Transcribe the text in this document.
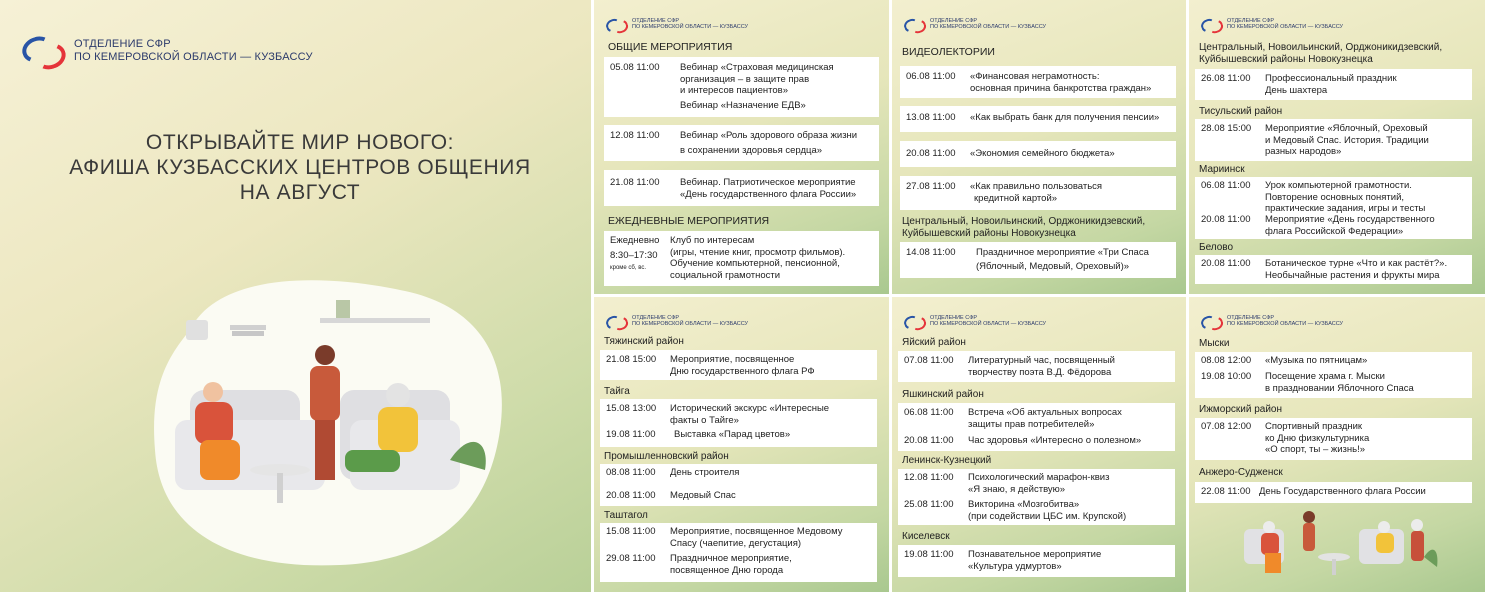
ОТДЕЛЕНИЕ СФР
ПО КЕМЕРОВСКОЙ ОБЛАСТИ — КУЗБАССУ
ОТКРЫВАЙТЕ МИР НОВОГО:
АФИША КУЗБАССКИХ ЦЕНТРОВ ОБЩЕНИЯ
НА АВГУСТ
ОТДЕЛЕНИЕ СФР
ПО КЕМЕРОВСКОЙ ОБЛАСТИ — КУЗБАССУ
ОБЩИЕ МЕРОПРИЯТИЯ
05.08 11:00 Вебинар «Страховая медицинская
организация – в защите прав
и интересов пациентов»
Вебинар «Назначение ЕДВ»
12.08 11:00 Вебинар «Роль здорового образа жизни
в сохранении здоровья сердца»
21.08 11:00 Вебинар. Патриотическое мероприятие
«День государственного флага России»
ЕЖЕДНЕВНЫЕ МЕРОПРИЯТИЯ
Ежедневно
8:30–17:30
кроме сб, вс.
Клуб по интересам
(игры, чтение книг, просмотр фильмов).
Обучение компьютерной, пенсионной,
социальной грамотности
ОТДЕЛЕНИЕ СФР
ПО КЕМЕРОВСКОЙ ОБЛАСТИ — КУЗБАССУ
ВИДЕОЛЕКТОРИИ
06.08 11:00 «Финансовая неграмотность:
основная причина банкротства граждан»
13.08 11:00 «Как выбрать банк для получения пенсии»
20.08 11:00 «Экономия семейного бюджета»
27.08 11:00 «Как правильно пользоваться
кредитной картой»
Центральный, Новоильинский, Орджоникидзевский,
Куйбышевский районы Новокузнецка
14.08 11:00 Праздничное мероприятие «Три Спаса
(Яблочный, Медовый, Ореховый)»
ОТДЕЛЕНИЕ СФР
ПО КЕМЕРОВСКОЙ ОБЛАСТИ — КУЗБАССУ
Центральный, Новоильинский, Орджоникидзевский,
Куйбышевский районы Новокузнецка
26.08 11:00 Профессиональный праздник
День шахтера
Тисульский район
28.08 15:00 Мероприятие «Яблочный, Ореховый
и Медовый Спас. История. Традиции
разных народов»
Мариинск
06.08 11:00 Урок компьютерной грамотности.
Повторение основных понятий,
практические задания, игры и тесты
20.08 11:00 Мероприятие «День государственного
флага Российской Федерации»
Белово
20.08 11:00 Ботаническое турне «Что и как растёт?».
Необычайные растения и фрукты мира
ОТДЕЛЕНИЕ СФР
ПО КЕМЕРОВСКОЙ ОБЛАСТИ — КУЗБАССУ
Тяжинский район
21.08 15:00 Мероприятие, посвященное
Дню государственного флага РФ
Тайга
15.08 13:00 Исторический экскурс «Интересные
факты о Тайге»
19.08 11:00 Выставка «Парад цветов»
Промышленновский район
08.08 11:00 День строителя
20.08 11:00 Медовый Спас
Таштагол
15.08 11:00 Мероприятие, посвященное Медовому
Спасу (чаепитие, дегустация)
29.08 11:00 Праздничное мероприятие,
посвященное Дню города
ОТДЕЛЕНИЕ СФР
ПО КЕМЕРОВСКОЙ ОБЛАСТИ — КУЗБАССУ
Яйский район
07.08 11:00 Литературный час, посвященный
творчеству поэта В.Д. Фёдорова
Яшкинский район
06.08 11:00 Встреча «Об актуальных вопросах
защиты прав потребителей»
20.08 11:00 Час здоровья «Интересно о полезном»
Ленинск-Кузнецкий
12.08 11:00 Психологический марафон-квиз
«Я знаю, я действую»
25.08 11:00 Викторина «Мозгобитва»
(при содействии ЦБС им. Крупской)
Киселевск
19.08 11:00 Познавательное мероприятие
«Культура удмуртов»
ОТДЕЛЕНИЕ СФР
ПО КЕМЕРОВСКОЙ ОБЛАСТИ — КУЗБАССУ
Мыски
08.08 12:00 «Музыка по пятницам»
19.08 10:00 Посещение храма г. Мыски
в праздновании Яблочного Спаса
Ижморский район
07.08 12:00 Спортивный праздник
ко Дню физкультурника
«О спорт, ты – жизнь!»
Анжеро-Судженск
22.08 11:00 День Государственного флага России
